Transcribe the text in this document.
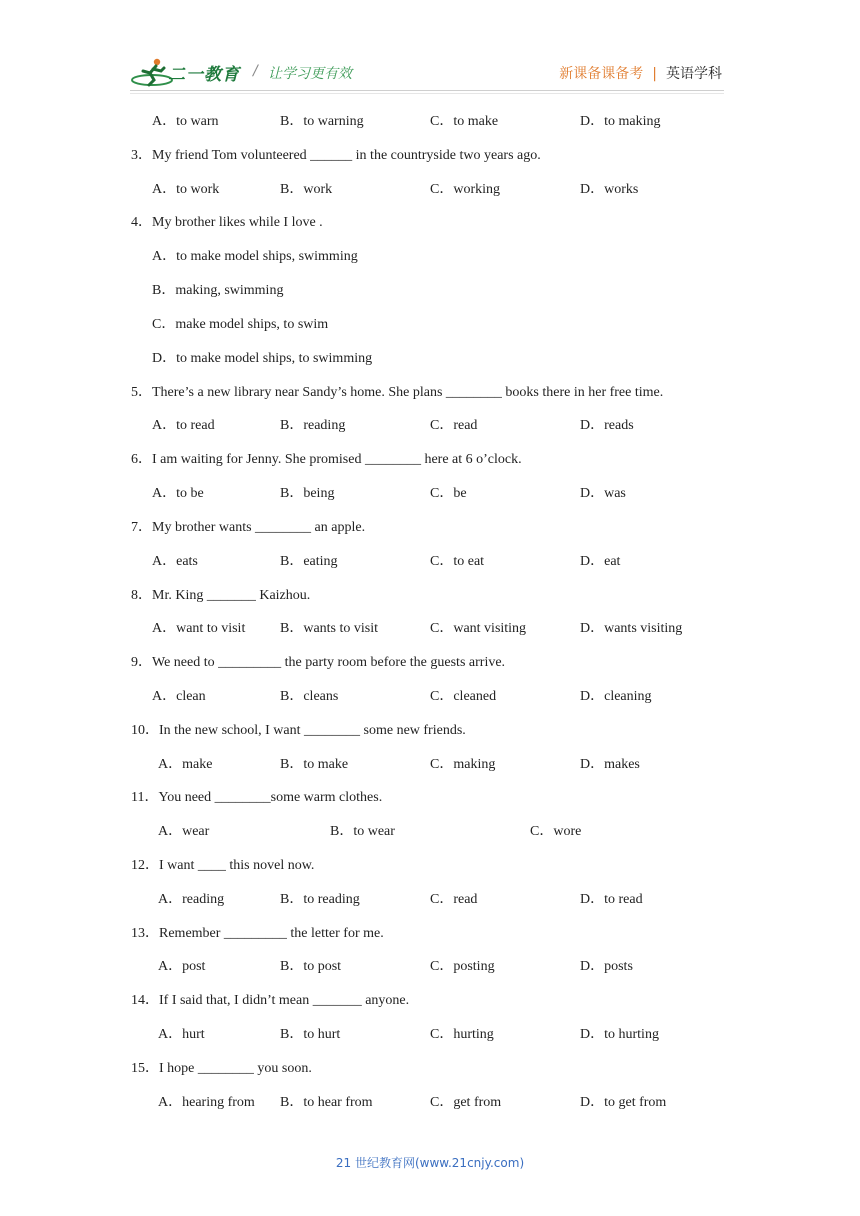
二一教育 / 让学习更有效	新课备课备考 | 英语学科
A．to warn	B．to warning	C．to make	D．to making
3．My friend Tom volunteered ______ in the countryside two years ago.
A．to work	B．work	C．working	D．works
4．My brother likes while I love .
A．to make model ships, swimming
B．making, swimming
C．make model ships, to swim
D．to make model ships, to swimming
5．There’s a new library near Sandy’s home. She plans ________ books there in her free time.
A．to read	B．reading	C．read	D．reads
6．I am waiting for Jenny. She promised ________ here at 6 o’clock.
A．to be	B．being	C．be	D．was
7．My brother wants ________ an apple.
A．eats	B．eating	C．to eat	D．eat
8．Mr. King _______ Kaizhou.
A．want to visit B．wants to visit	C．want visiting	D．wants visiting
9．We need to _________ the party room before the guests arrive.
A．clean	B．cleans	C．cleaned	D．cleaning
10．In the new school, I want ________ some new friends.
A．make	B．to make	C．making	D．makes
11．You need ________some warm clothes.
A．wear	B．to wear	C．wore
12．I want ____ this novel now.
A．reading	B．to reading	C．read	D．to read
13．Remember _________ the letter for me.
A．post	B．to post	C．posting	D．posts
14．If I said that, I didn’t mean _______ anyone.
A．hurt	B．to hurt	C．hurting	D．to hurting
15．I hope ________ you soon.
A．hearing from B．to hear from	C．get from	D．to get from
21 世纪教育网(www.21cnjy.com)
